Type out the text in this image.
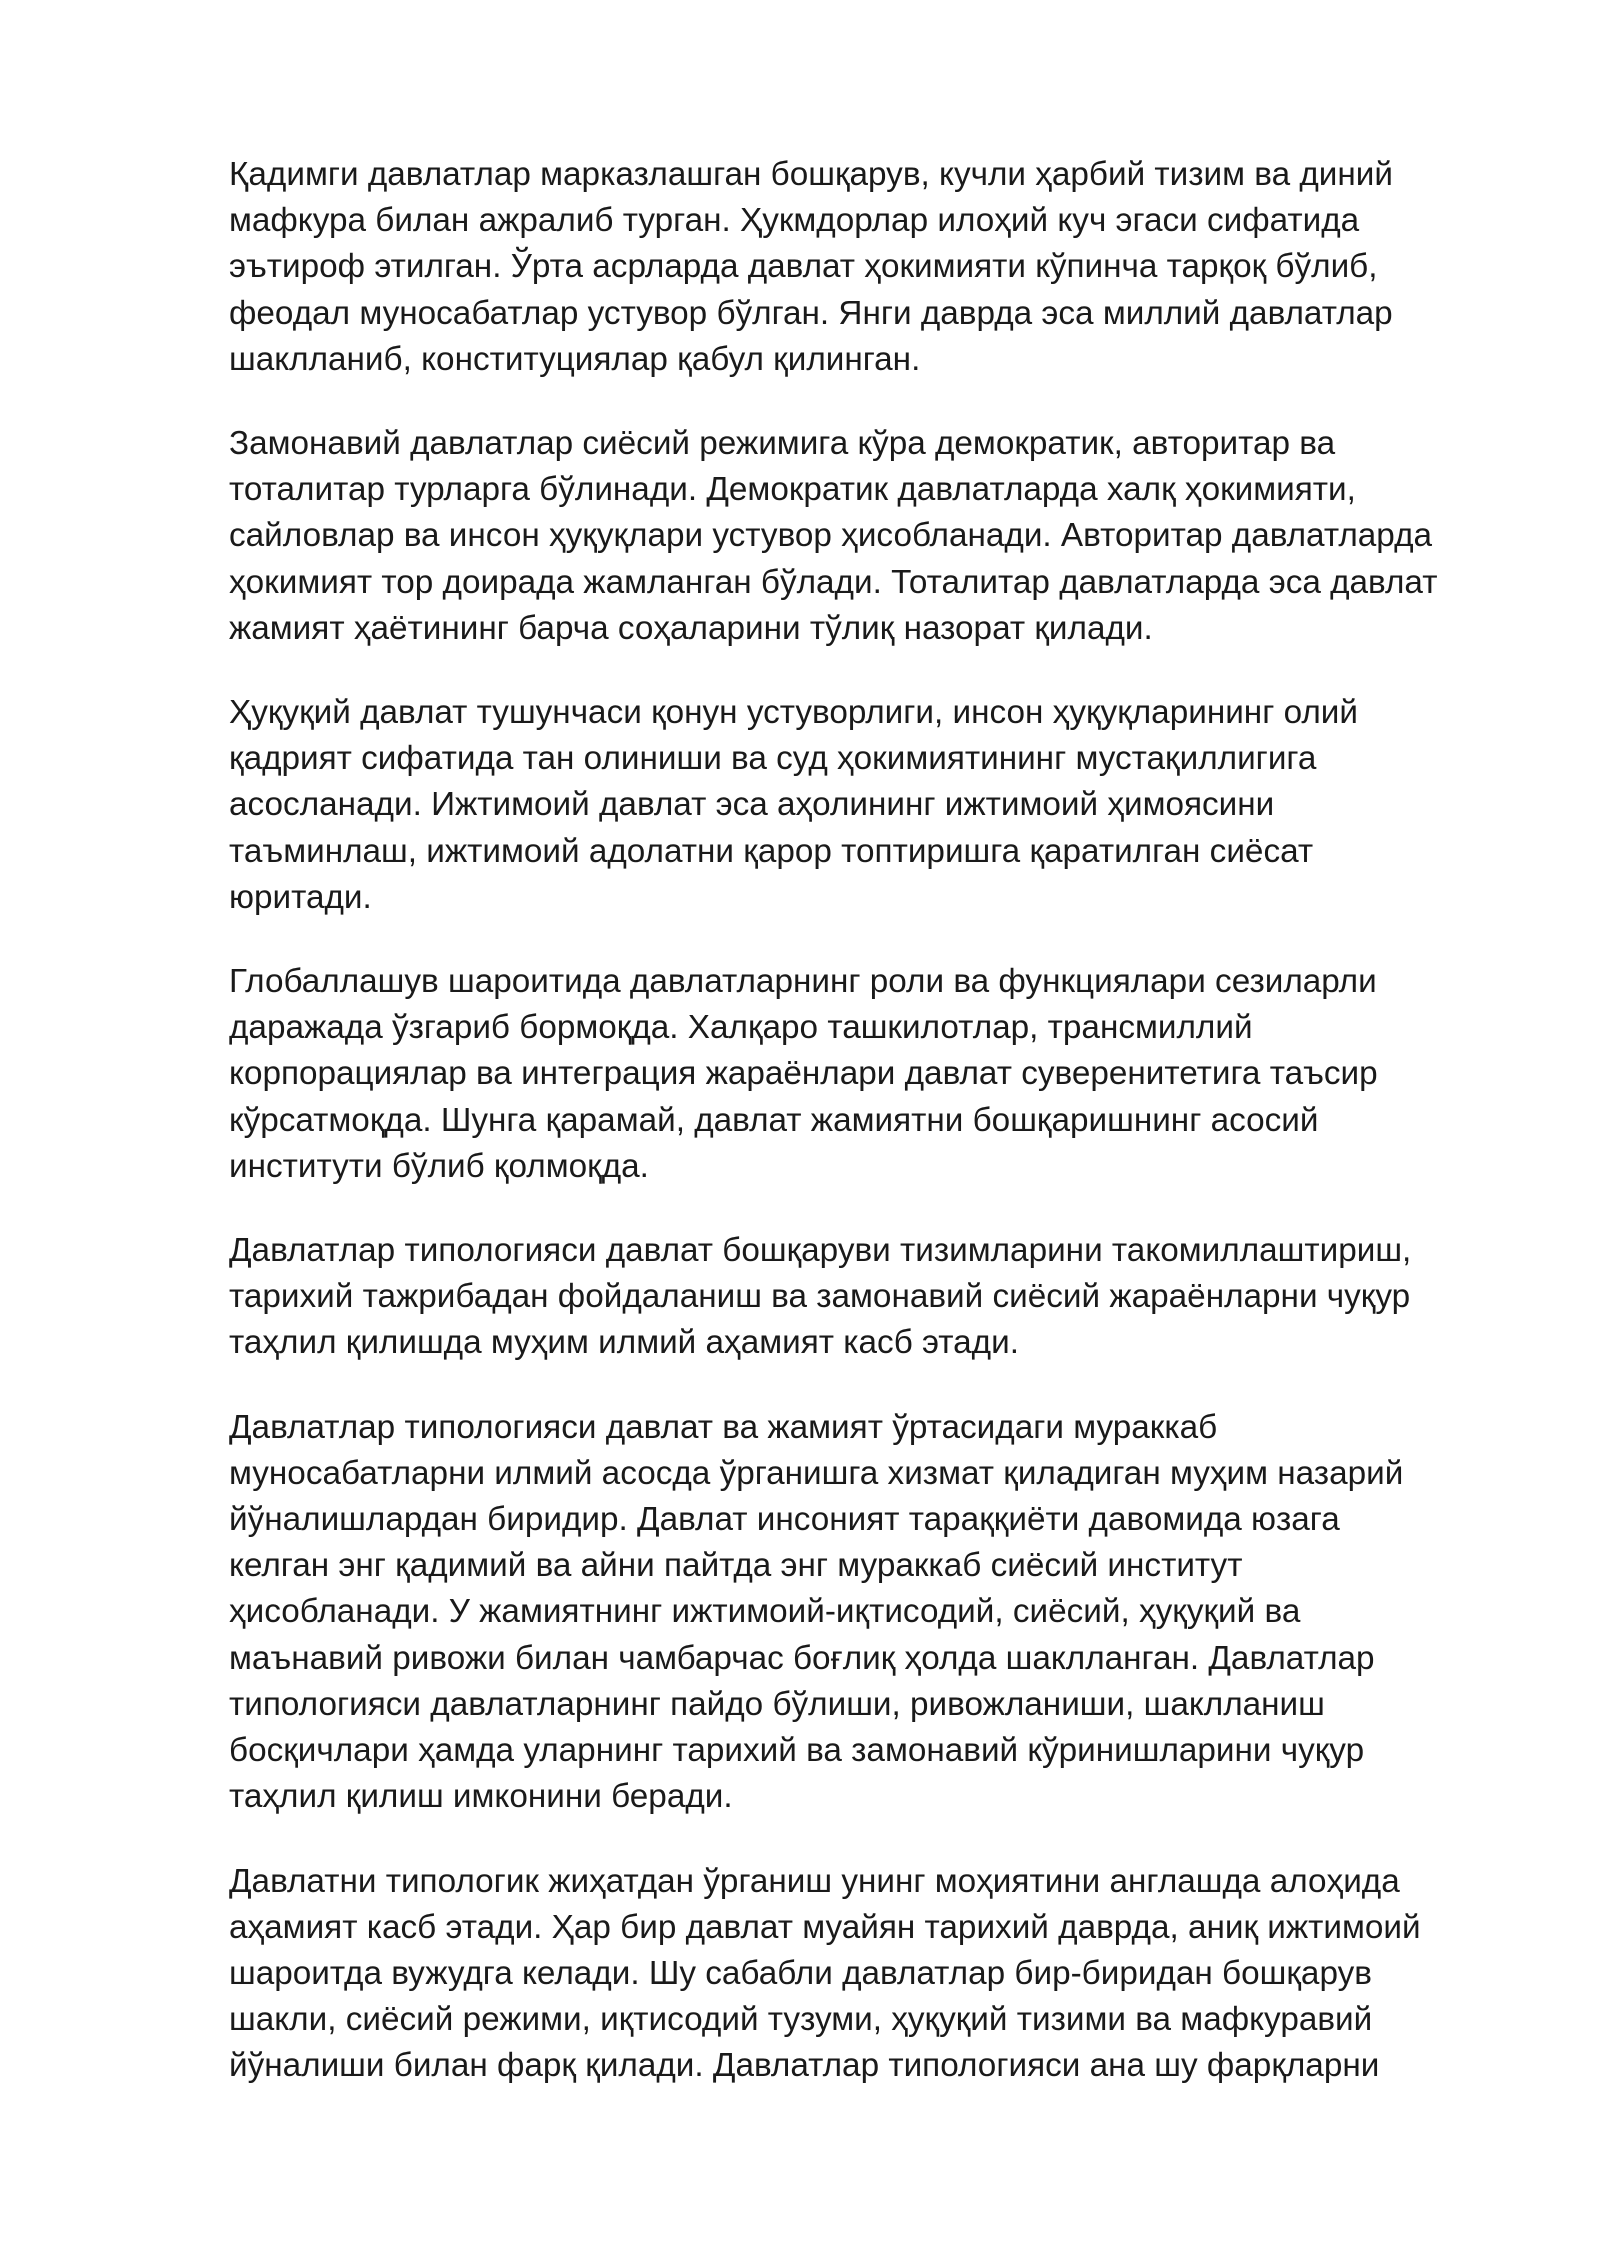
Қадимги давлатлар марказлашган бошқарув, кучли ҳарбий тизим ва диний
мафкура билан ажралиб турган. Ҳукмдорлар илоҳий куч эгаси сифатида
эътироф этилган. Ўрта асрларда давлат ҳокимияти кўпинча тарқоқ бўлиб,
феодал муносабатлар устувор бўлган. Янги даврда эса миллий давлатлар
шаклланиб, конституциялар қабул қилинган.

Замонавий давлатлар сиёсий режимига кўра демократик, авторитар ва
тоталитар турларга бўлинади. Демократик давлатларда халқ ҳокимияти,
сайловлар ва инсон ҳуқуқлари устувор ҳисобланади. Авторитар давлатларда
ҳокимият тор доирада жамланган бўлади. Тоталитар давлатларда эса давлат
жамият ҳаётининг барча соҳаларини тўлиқ назорат қилади.

Ҳуқуқий давлат тушунчаси қонун устуворлиги, инсон ҳуқуқларининг олий
қадрият сифатида тан олиниши ва суд ҳокимиятининг мустақиллигига
асосланади. Ижтимоий давлат эса аҳолининг ижтимоий ҳимоясини
таъминлаш, ижтимоий адолатни қарор топтиришга қаратилган сиёсат
юритади.

Глобаллашув шароитида давлатларнинг роли ва функциялари сезиларли
даражада ўзгариб бормоқда. Халқаро ташкилотлар, трансмиллий
корпорациялар ва интеграция жараёнлари давлат суверенитетига таъсир
кўрсатмоқда. Шунга қарамай, давлат жамиятни бошқаришнинг асосий
институти бўлиб қолмоқда.

Давлатлар типологияси давлат бошқаруви тизимларини такомиллаштириш,
тарихий тажрибадан фойдаланиш ва замонавий сиёсий жараёнларни чуқур
таҳлил қилишда муҳим илмий аҳамият касб этади.

Давлатлар типологияси давлат ва жамият ўртасидаги мураккаб
муносабатларни илмий асосда ўрганишга хизмат қиладиган муҳим назарий
йўналишлардан биридир. Давлат инсоният тараққиёти давомида юзага
келган энг қадимий ва айни пайтда энг мураккаб сиёсий институт
ҳисобланади. У жамиятнинг ижтимоий-иқтисодий, сиёсий, ҳуқуқий ва
маънавий ривожи билан чамбарчас боғлиқ ҳолда шаклланган. Давлатлар
типологияси давлатларнинг пайдо бўлиши, ривожланиши, шаклланиш
босқичлари ҳамда уларнинг тарихий ва замонавий кўринишларини чуқур
таҳлил қилиш имконини беради.

Давлатни типологик жиҳатдан ўрганиш унинг моҳиятини англашда алоҳида
аҳамият касб этади. Ҳар бир давлат муайян тарихий даврда, аниқ ижтимоий
шароитда вужудга келади. Шу сабабли давлатлар бир-биридан бошқарув
шакли, сиёсий режими, иқтисодий тузуми, ҳуқуқий тизими ва мафкуравий
йўналиши билан фарқ қилади. Давлатлар типологияси ана шу фарқларни
